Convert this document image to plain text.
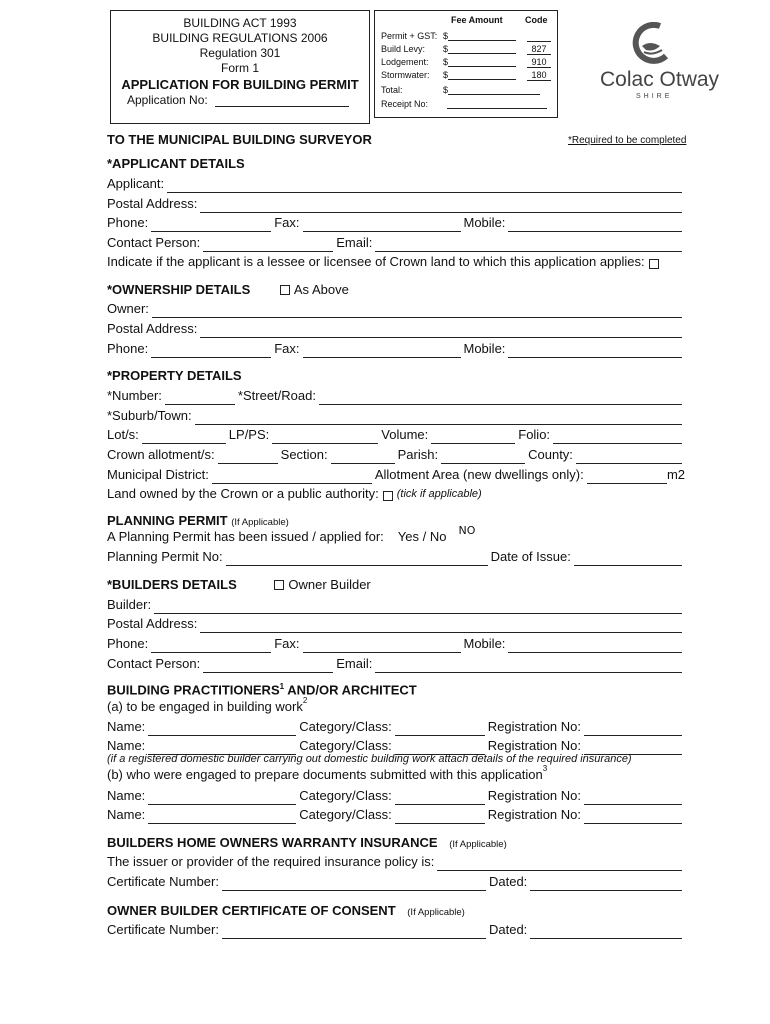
BUILDING ACT 1993
BUILDING REGULATIONS 2006
Regulation 301
Form 1
APPLICATION FOR BUILDING PERMIT
Application No:
Fee Amount Code
Permit + GST: $
Build Levy: $	827
Lodgement: $	910
Stormwater: $	180
Total:	$
Receipt No:
Colac Otway
SHIRE
TO THE MUNICIPAL BUILDING SURVEYOR	*Required to be completed
*APPLICANT DETAILS
Applicant:
Postal Address:
Phone:	Fax:	Mobile:
Contact Person:	Email:
Indicate if the applicant is a lessee or licensee of Crown land to which this application applies:
*OWNERSHIP DETAILS	As Above
Owner:
Postal Address:
Phone:	Fax:	Mobile:
*PROPERTY DETAILS
*Number:	*Street/Road:
*Suburb/Town:
Lot/s:	LP/PS:	Volume:	Folio:
Crown allotment/s:	Section:	Parish:	County:
Municipal District:	Allotment Area (new dwellings only):	m2
Land owned by the Crown or a public authority: (tick if applicable)
PLANNING PERMIT (If Applicable)
A Planning Permit has been issued / applied for: Yes / No NO
Planning Permit No:	Date of Issue:
*BUILDERS DETAILS	Owner Builder
Builder:
Postal Address:
Phone:	Fax:	Mobile:
Contact Person:	Email:
BUILDING PRACTITIONERS$^1$ AND/OR ARCHITECT
(a) to be engaged in building work$^2$
Name:	Category/Class:	Registration No:
Name:	Category/Class:	Registration No:
(if a registered domestic builder carrying out domestic building work attach details of the required insurance)
(b) who were engaged to prepare documents submitted with this application$^3$
Name:	Category/Class:	Registration No:
Name:	Category/Class:	Registration No:
BUILDERS HOME OWNERS WARRANTY INSURANCE (If Applicable)
The issuer or provider of the required insurance policy is:
Certificate Number:	Dated:
OWNER BUILDER CERTIFICATE OF CONSENT (If Applicable)
Certificate Number:	Dated:
